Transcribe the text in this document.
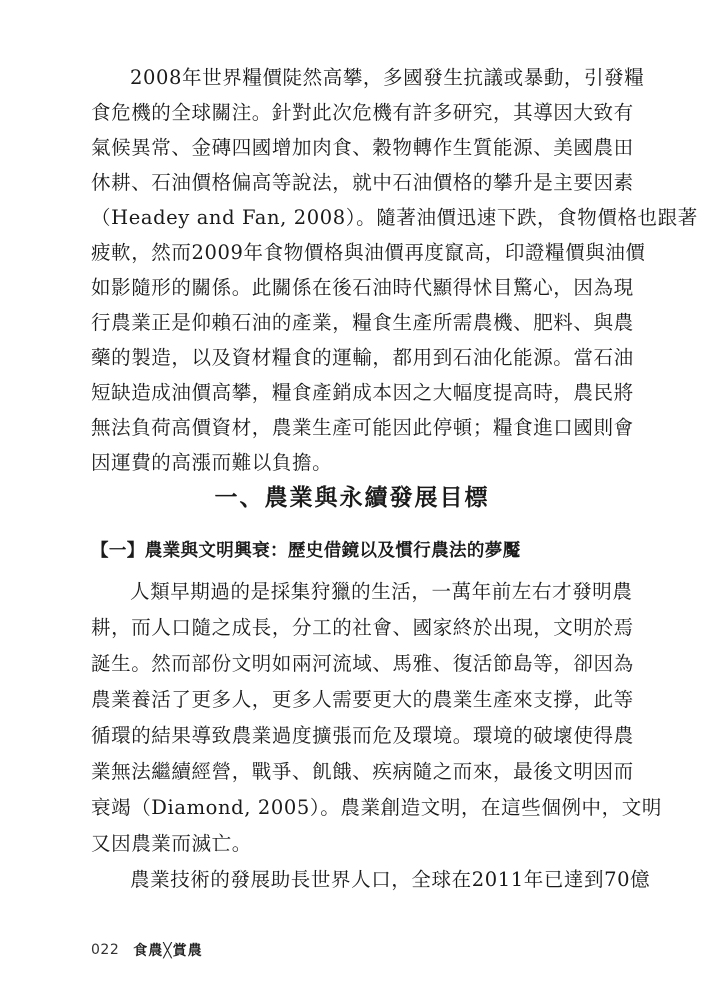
2008年世界糧價陡然高攀，多國發生抗議或暴動，引發糧
食危機的全球關注。針對此次危機有許多研究，其導因大致有
氣候異常、金磚四國增加肉食、穀物轉作生質能源、美國農田
休耕、石油價格偏高等說法，就中石油價格的攀升是主要因素
（Headey and Fan, 2008）。隨著油價迅速下跌，食物價格也跟著
疲軟，然而2009年食物價格與油價再度竄高，印證糧價與油價
如影隨形的關係。此關係在後石油時代顯得怵目驚心，因為現
行農業正是仰賴石油的產業，糧食生產所需農機、肥料、與農
藥的製造，以及資材糧食的運輸，都用到石油化能源。當石油
短缺造成油價高攀，糧食產銷成本因之大幅度提高時，農民將
無法負荷高價資材，農業生產可能因此停頓；糧食進口國則會
因運費的高漲而難以負擔。
一、農業與永續發展目標
【一】農業與文明興衰：歷史借鏡以及慣行農法的夢魘
人類早期過的是採集狩獵的生活，一萬年前左右才發明農
耕，而人口隨之成長，分工的社會、國家終於出現，文明於焉
誕生。然而部份文明如兩河流域、馬雅、復活節島等，卻因為
農業養活了更多人，更多人需要更大的農業生產來支撐，此等
循環的結果導致農業過度擴張而危及環境。環境的破壞使得農
業無法繼續經營，戰爭、飢餓、疾病隨之而來，最後文明因而
衰竭（Diamond, 2005）。農業創造文明，在這些個例中，文明
又因農業而滅亡。
農業技術的發展助長世界人口，全球在2011年已達到70億
022 食農╳賞農
